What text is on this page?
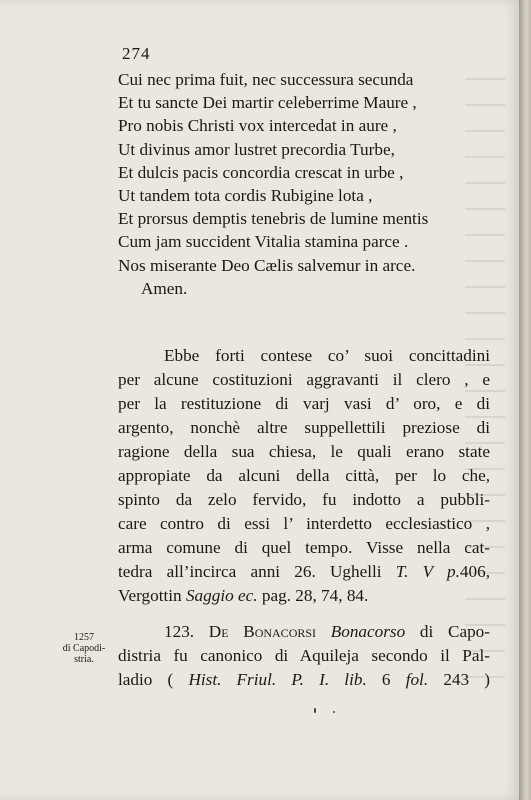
274
Cui nec prima fuit, nec successura secunda
Et tu sancte Dei martir celeberrime Maure ,
Pro nobis Christi vox intercedat in aure ,
Ut divinus amor lustret precordia Turbe,
Et dulcis pacis concordia crescat in urbe ,
Ut tandem tota cordis Rubigine lota ,
Et prorsus demptis tenebris de lumine mentis
Cum jam succident Vitalia stamina parce .
Nos miserante Deo Cælis salvemur in arce.
Amen.
Ebbe forti contese co’ suoi concittadini
per alcune costituzioni aggravanti il clero , e
per la restituzione di varj vasi d’ oro, e di
argento, nonchè altre suppellettili preziose di
ragione della sua chiesa, le quali erano state
appropiate da alcuni della città, per lo che,
spinto da zelo fervido, fu indotto a pubbli-
care contro di essi l’ interdetto ecclesiastico ,
arma comune di quel tempo. Visse nella cat-
tedra all’incirca anni 26. Ughelli T. V p.406,
Vergottin Saggio ec. pag. 28, 74, 84.
1257
di Capodi-
stria.
123. De Bonacorsi Bonacorso di Capo-
distria fu canonico di Aquileja secondo il Pal-
ladio ( Hist. Friul. P. I. lib. 6 fol. 243 )
